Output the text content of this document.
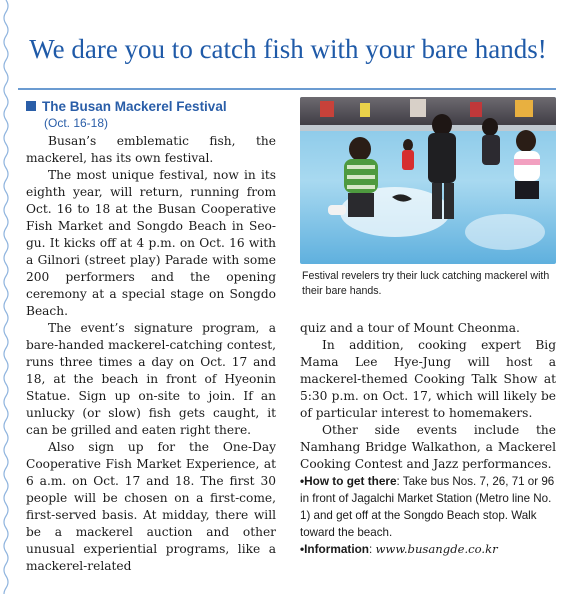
We dare you to catch fish with your bare hands!
The Busan Mackerel Festival
(Oct. 16-18)

Busan’s emblematic fish, the mackerel, has its own festival.

The most unique festival, now in its eighth year, will return, running from Oct. 16 to 18 at the Busan Cooperative Fish Market and Songdo Beach in Seo-gu. It kicks off at 4 p.m. on Oct. 16 with a Gilnori (street play) Parade with some 200 performers and the opening ceremony at a special stage on Songdo Beach.

The event’s signature program, a bare-handed mackerel-catching contest, runs three times a day on Oct. 17 and 18, at the beach in front of Hyeonin Statue. Sign up on-site to join. If an unlucky (or slow) fish gets caught, it can be grilled and eaten right there.

Also sign up for the One-Day Cooperative Fish Market Experience, at 6 a.m. on Oct. 17 and 18. The first 30 people will be chosen on a first-come, first-served basis. At midday, there will be a mackerel auction and other unusual experiential programs, like a mackerel-related

Festival revelers try their luck catching mackerel with their bare hands.

quiz and a tour of Mount Cheonma.

In addition, cooking expert Big Mama Lee Hye-Jung will host a mackerel-themed Cooking Talk Show at 5:30 p.m. on Oct. 17, which will likely be of particular interest to homemakers.

Other side events include the Namhang Bridge Walkathon, a Mackerel Cooking Contest and Jazz performances.

•How to get there: Take bus Nos. 7, 26, 71 or 96 in front of Jagalchi Market Station (Metro line No. 1) and get off at the Songdo Beach stop. Walk toward the beach.

•Information: www.busangde.co.kr
